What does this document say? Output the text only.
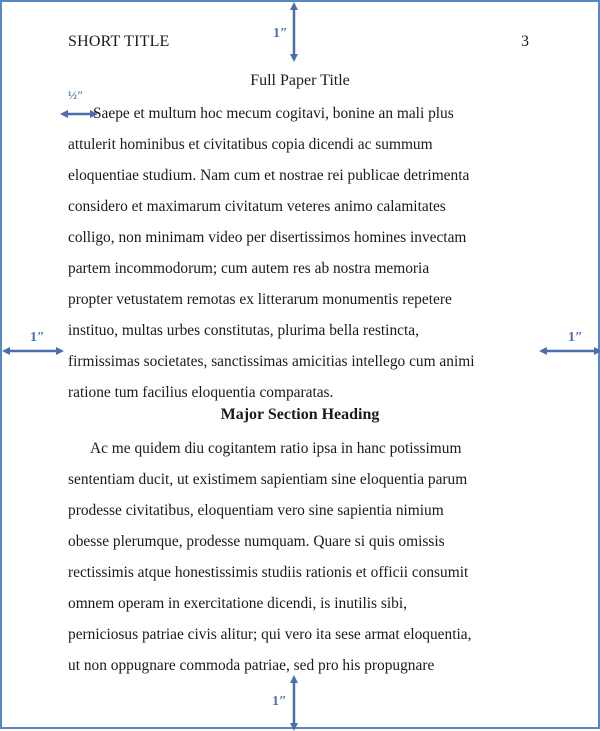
SHORT TITLE	3
Full Paper Title
Saepe et multum hoc mecum cogitavi, bonine an mali plus
attulerit hominibus et civitatibus copia dicendi ac summum
eloquentiae studium. Nam cum et nostrae rei publicae detrimenta
considero et maximarum civitatum veteres animo calamitates
colligo, non minimam video per disertissimos homines invectam
partem incommodorum; cum autem res ab nostra memoria
propter vetustatem remotas ex litterarum monumentis repetere
instituo, multas urbes constitutas, plurima bella restincta,
firmissimas societates, sanctissimas amicitias intellego cum animi
ratione tum facilius eloquentia comparatas.
Major Section Heading
Ac me quidem diu cogitantem ratio ipsa in hanc potissimum
sententiam ducit, ut existimem sapientiam sine eloquentia parum
prodesse civitatibus, eloquentiam vero sine sapientia nimium
obesse plerumque, prodesse numquam. Quare si quis omissis
rectissimis atque honestissimis studiis rationis et officii consumit
omnem operam in exercitatione dicendi, is inutilis sibi,
perniciosus patriae civis alitur; qui vero ita sese armat eloquentia,
ut non oppugnare commoda patriae, sed pro his propugnare
1″
½″
1″	1″
1″
